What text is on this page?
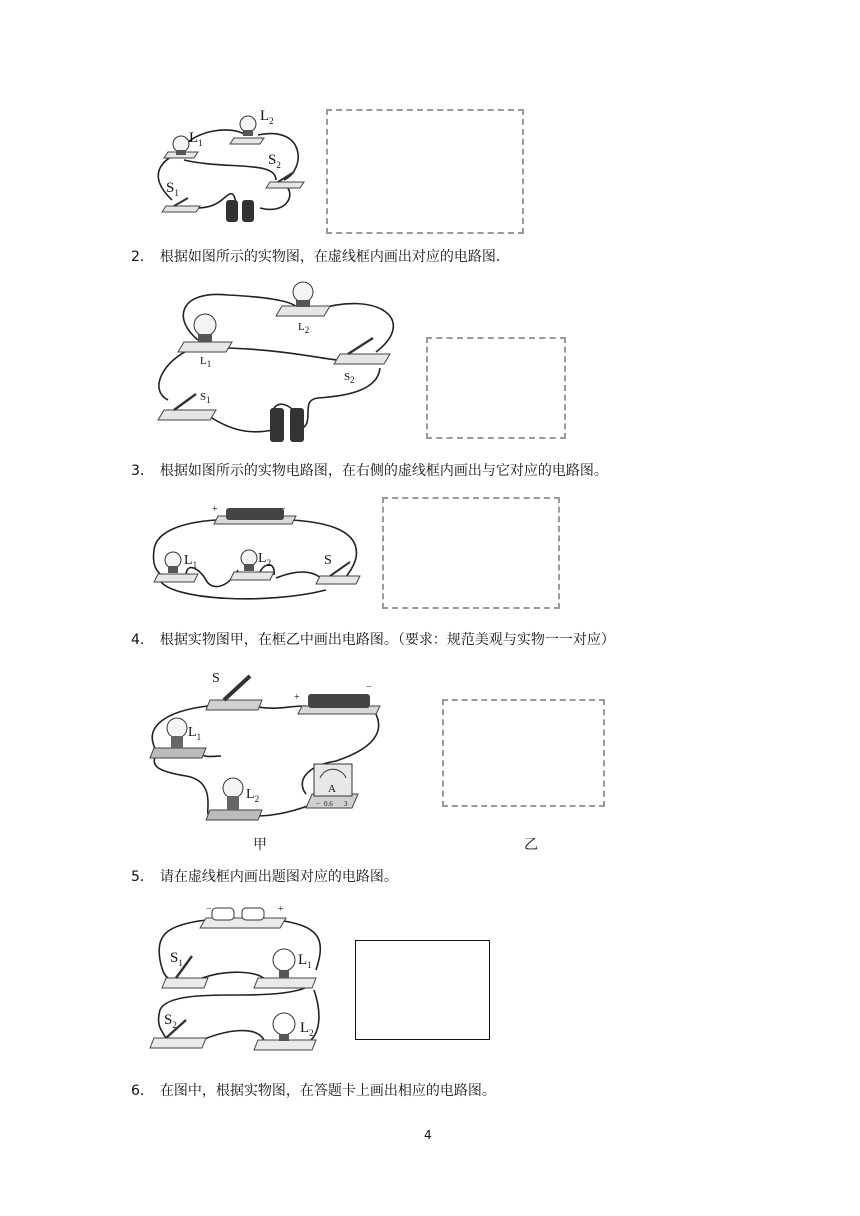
$L_1$
$L_2$
$S_2$
$S_1$
2． 根据如图所示的实物图，在虚线框内画出对应的电路图．
$L_1$
$L_2$
$S_2$
$S_1$
3． 根据如图所示的实物电路图，在右侧的虚线框内画出与它对应的电路图。
+	−
$L_1$	$L_2$	S
4． 根据实物图甲，在框乙中画出电路图。（要求：规范美观与实物一一对应）
S
+
−
$L_1$
$L_2$
A
− 0.6 3
甲	乙
5． 请在虚线框内画出题图对应的电路图。
−	+
$S_1$	$L_1$
$S_2$	$L_2$
6． 在图中，根据实物图，在答题卡上画出相应的电路图。
4
